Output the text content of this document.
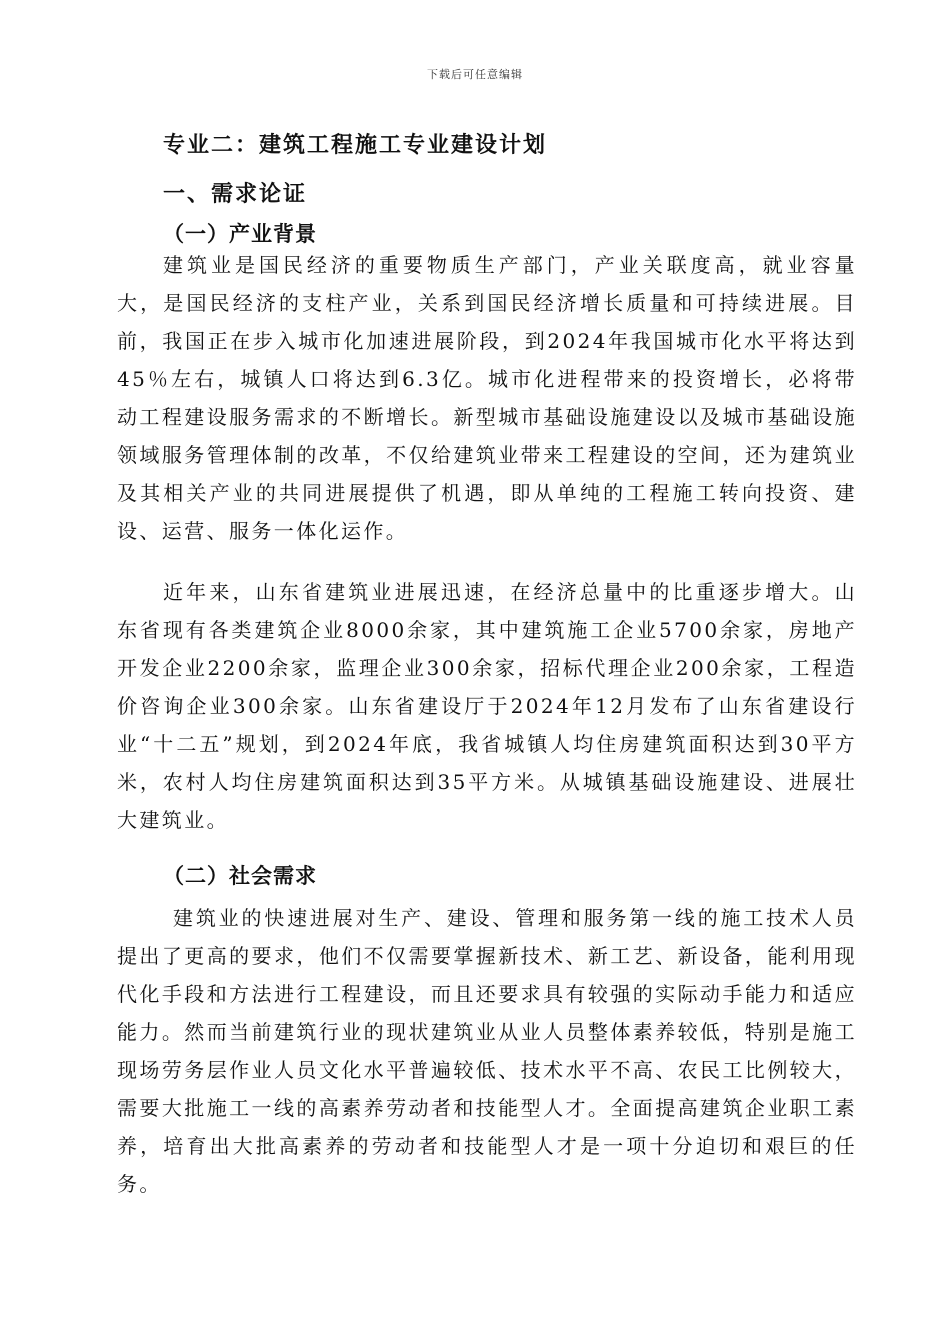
下载后可任意编辑
专业二：建筑工程施工专业建设计划
一、需求论证
（一）产业背景

建筑业是国民经济的重要物质生产部门，产业关联度高，就业容量大，是国民经济的支柱产业，关系到国民经济增长质量和可持续进展。目前，我国正在步入城市化加速进展阶段，到2024年我国城市化水平将达到45％左右，城镇人口将达到6.3亿。城市化进程带来的投资增长，必将带动工程建设服务需求的不断增长。新型城市基础设施建设以及城市基础设施领域服务管理体制的改革，不仅给建筑业带来工程建设的空间，还为建筑业及其相关产业的共同进展提供了机遇，即从单纯的工程施工转向投资、建设、运营、服务一体化运作。

近年来，山东省建筑业进展迅速，在经济总量中的比重逐步增大。山东省现有各类建筑企业8000余家，其中建筑施工企业5700余家，房地产开发企业2200余家，监理企业300余家，招标代理企业200余家，工程造价咨询企业300余家。山东省建设厅于2024年12月发布了山东省建设行业“十二五”规划，到2024年底，我省城镇人均住房建筑面积达到30平方米，农村人均住房建筑面积达到35平方米。从城镇基础设施建设、进展壮大建筑业。

（二）社会需求

建筑业的快速进展对生产、建设、管理和服务第一线的施工技术人员提出了更高的要求，他们不仅需要掌握新技术、新工艺、新设备，能利用现代化手段和方法进行工程建设，而且还要求具有较强的实际动手能力和适应能力。然而当前建筑行业的现状建筑业从业人员整体素养较低，特别是施工现场劳务层作业人员文化水平普遍较低、技术水平不高、农民工比例较大，需要大批施工一线的高素养劳动者和技能型人才。全面提高建筑企业职工素养，培育出大批高素养的劳动者和技能型人才是一项十分迫切和艰巨的任务。
